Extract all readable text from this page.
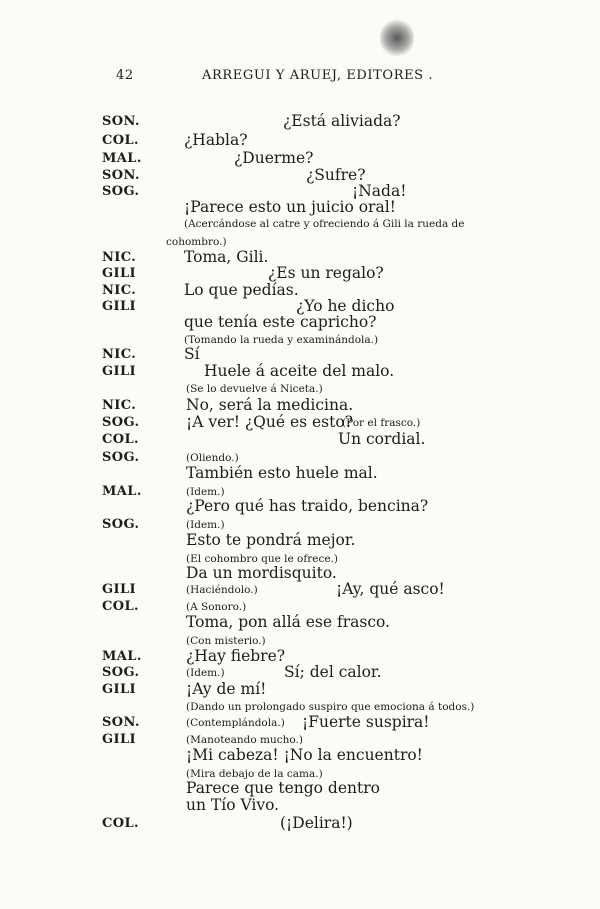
42	ARREGUI Y ARUEJ, EDITORES .
SON.	¿Está aliviada?
COL.	¿Habla?
MAL.	¿Duerme?
SON.	¿Sufre?
SOG.	¡Nada!
¡Parece esto un juicio oral!
(Acercándose al catre y ofreciendo á Gili la rueda de
cohombro.)
NIC.	Toma, Gili.
GILI	¿Es un regalo?
NIC.	Lo que pedías.
GILI	¿Yo he dicho
que tenía este capricho?
(Tomando la rueda y examinándola.)
NIC.	Sí
GILI	Huele á aceite del malo.
(Se lo devuelve á Niceta.)
NIC.	No, será la medicina.
SOG.	¡A ver! ¿Qué es esto?
(Por el frasco.)
COL.	Un cordial.
SOG.	(Oliendo.)
También esto huele mal.
MAL.	(Idem.)
¿Pero qué has traido, bencina?
SOG.	(Idem.)
Esto te pondrá mejor.
(El cohombro que le ofrece.)
Da un mordisquito.
GILI	(Haciéndolo.)	¡Ay, qué asco!
COL.	(A Sonoro.)
Toma, pon allá ese frasco.
(Con misterio.)
MAL.	¿Hay fiebre?
SOG.	(Idem.)	Sí; del calor.
GILI	¡Ay de mí!
(Dando un prolongado suspiro que emociona á todos.)
SON.	(Contemplándola.) ¡Fuerte suspira!
GILI	(Manoteando mucho.)
¡Mi cabeza! ¡No la encuentro!
(Mira debajo de la cama.)
Parece que tengo dentro
un Tío Vivo.
COL.	(¡Delira!)
